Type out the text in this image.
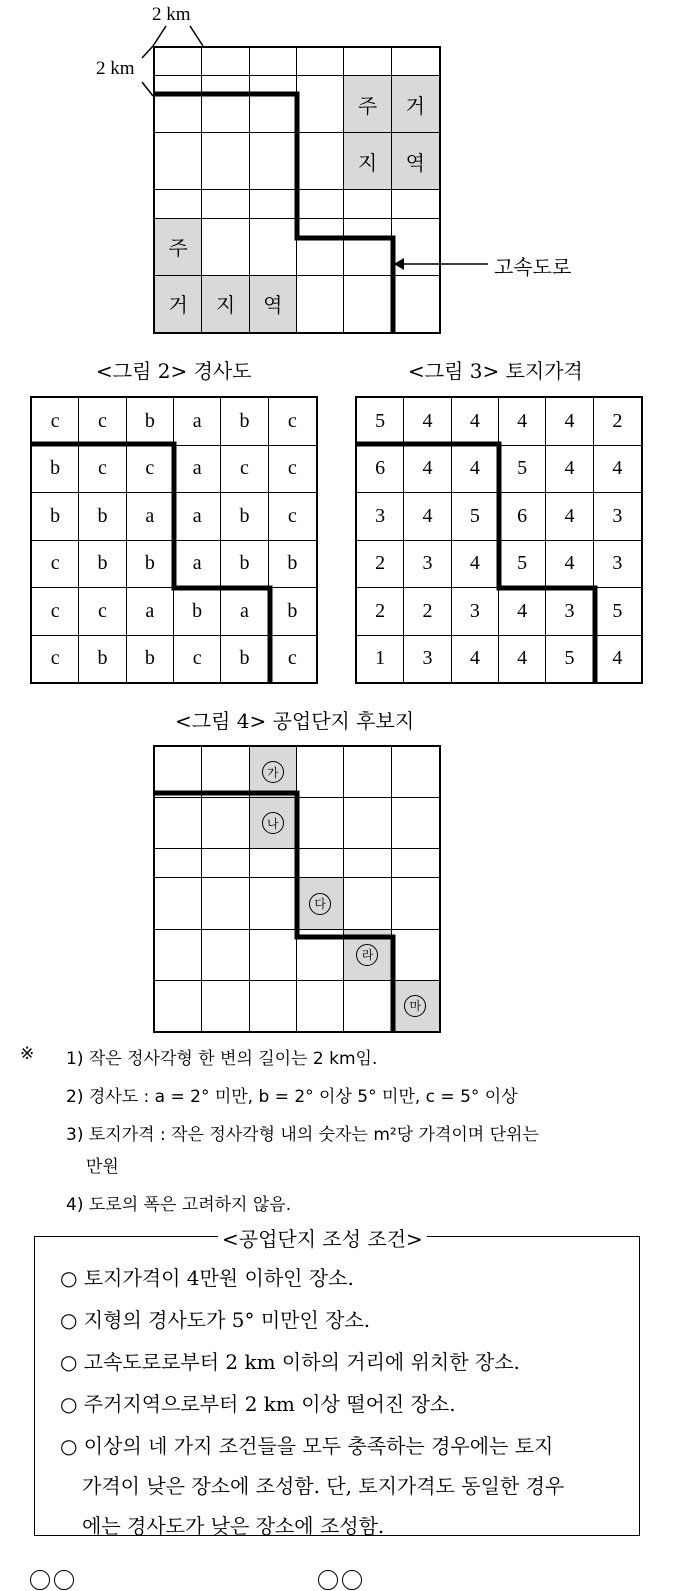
2 km
2 km
주	거
지	역
주
거	지	역
고속도로
<그림 2> 경사도
c	c	b	a	b	c
b	c	c	a	c	c
b	b	a	a	b	c
c	b	b	a	b	b
c	c	a	b	a	b
c	b	b	c	b	c
<그림 3> 토지가격
5	4	4	4	4	2
6	4	4	5	4	4
3	4	5	6	4	3
2	3	4	5	4	3
2	2	3	4	3	5
1	3	4	4	5	4
<그림 4> 공업단지 후보지
가
나
다
라
마
※ 1) 작은 정사각형 한 변의 길이는 2 km임.
2) 경사도 : a = 2° 미만, b = 2° 이상 5° 미만, c = 5° 이상
3) 토지가격 : 작은 정사각형 내의 숫자는 m²당 가격이며 단위는
만원
4) 도로의 폭은 고려하지 않음.
<공업단지 조성 조건>
○ 토지가격이 4만원 이하인 장소.
○ 지형의 경사도가 5° 미만인 장소.
○ 고속도로로부터 2 km 이하의 거리에 위치한 장소.
○ 주거지역으로부터 2 km 이상 떨어진 장소.
○ 이상의 네 가지 조건들을 모두 충족하는 경우에는 토지
가격이 낮은 장소에 조성함. 단, 토지가격도 동일한 경우
에는 경사도가 낮은 장소에 조성함.
